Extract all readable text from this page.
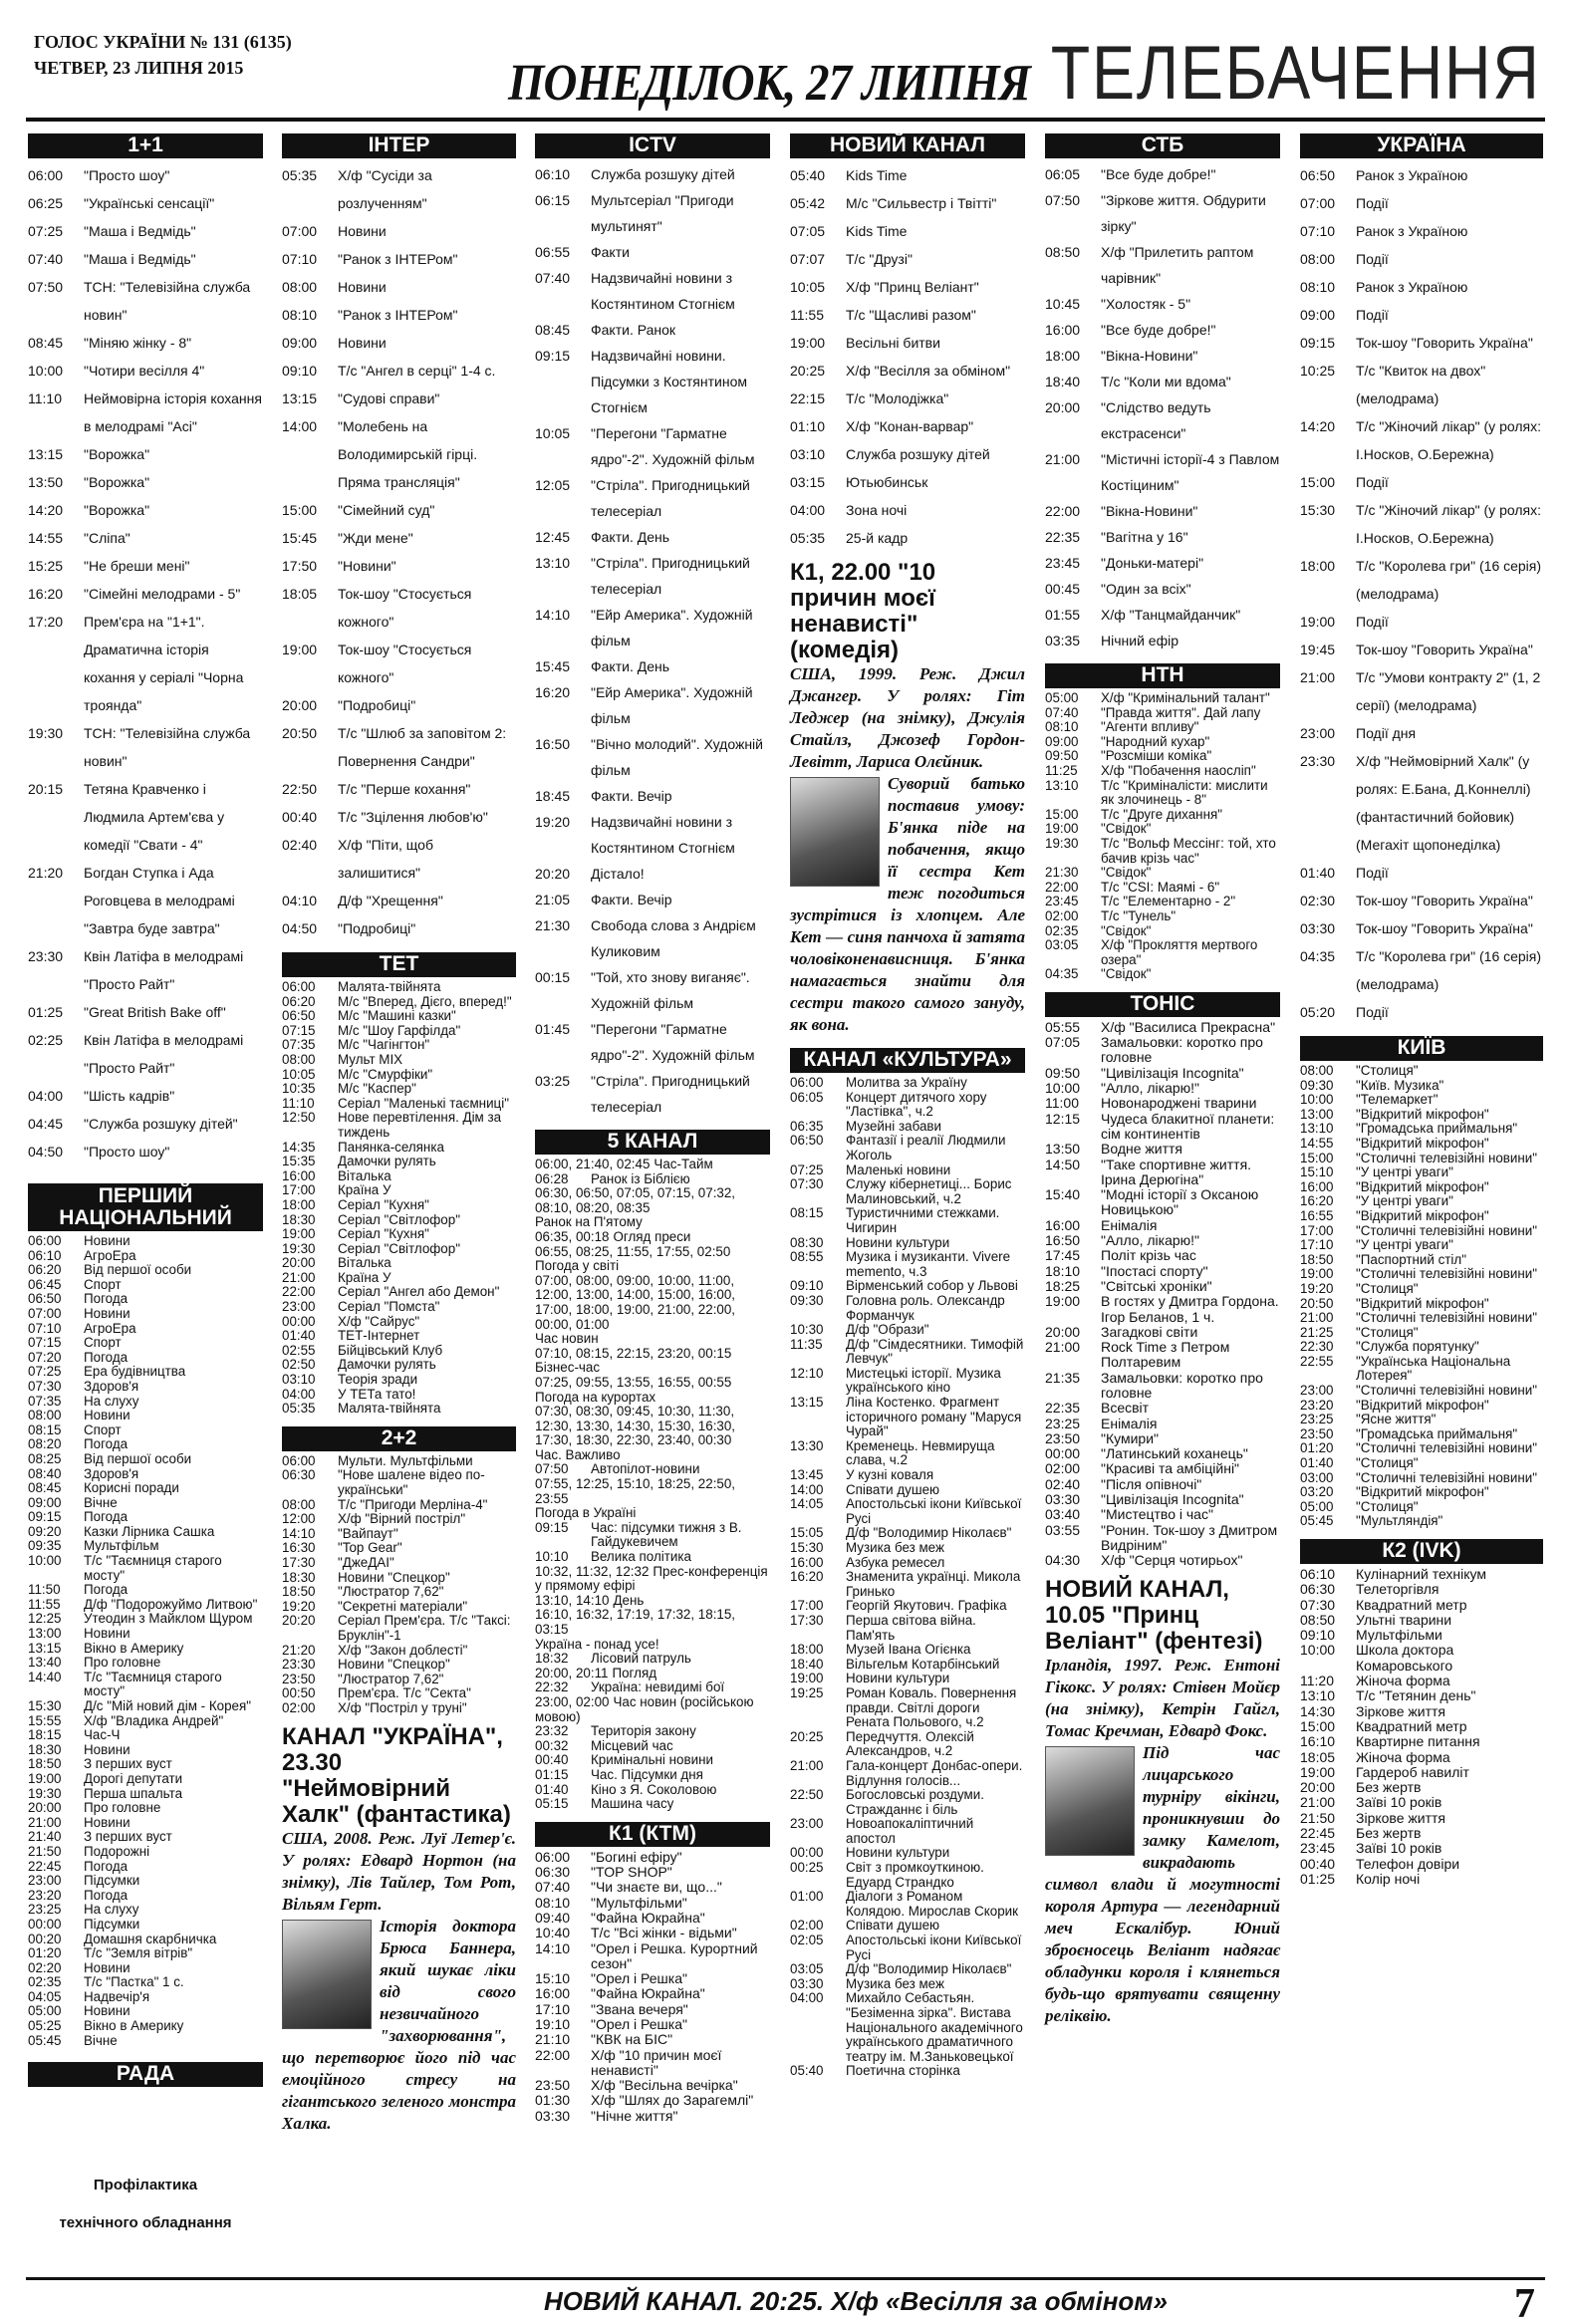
ГОЛОС УКРАЇНИ № 131 (6135)
ЧЕТВЕР, 23 ЛИПНЯ 2015	ПОНЕДІЛОК, 27 ЛИПНЯ ТЕЛЕБАЧЕННЯ
1+1
06:00 "Просто шоу"
06:25 "Українські сенсації"
07:25 "Маша і Ведмідь"
07:40 "Маша і Ведмідь"
07:50 ТСН: "Телевізійна служба новин"
08:45 "Міняю жінку - 8"
10:00 "Чотири весілля 4"
11:10 Неймовірна історія кохання в мелодрамі "Асі"
13:15 "Ворожка"
13:50 "Ворожка"
14:20 "Ворожка"
14:55 "Сліпа"
15:25 "Не бреши мені"
16:20 "Сімейні мелодрами - 5"
17:20 Прем'єра на "1+1". Драматична історія кохання у серіалі "Чорна троянда"
19:30 ТСН: "Телевізійна служба новин"
20:15 Тетяна Кравченко і Людмила Артем'єва у комедії "Свати - 4"
21:20 Богдан Ступка і Ада Роговцева в мелодрамі "Завтра буде завтра"
23:30 Квін Латіфа в мелодрамі "Просто Райт"
01:25 "Great British Bake off"
02:25 Квін Латіфа в мелодрамі "Просто Райт"
04:00 "Шість кадрів"
04:45 "Служба розшуку дітей"
04:50 "Просто шоу"
ПЕРШИЙ НАЦІОНАЛЬНИЙ
06:00 Новини
06:10 АгроЕра
06:20 Від першої особи
06:45 Спорт
06:50 Погода
07:00 Новини
07:10 АгроЕра
07:15 Спорт
07:20 Погода
07:25 Ера будівництва
07:30 Здоров'я
07:35 На слуху
08:00 Новини
08:15 Спорт
08:20 Погода
08:25 Від першої особи
08:40 Здоров'я
08:45 Корисні поради
09:00 Вічне
09:15 Погода
09:20 Казки Лірника Сашка
09:35 Мультфільм
10:00 Т/с "Таємниця старого мосту"
11:50 Погода
11:55 Д/ф "Подорожуймо Литвою"
12:25 Утеодин з Майклом Щуром
13:00 Новини
13:15 Вікно в Америку
13:40 Про головне
14:40 Т/с "Таємниця старого мосту"
15:30 Д/с "Мій новий дім - Корея"
15:55 Х/ф "Владика Андрей"
18:15 Час-Ч
18:30 Новини
18:50 З перших вуст
19:00 Дорогі депутати
19:30 Перша шпальта
20:00 Про головне
21:00 Новини
21:40 З перших вуст
21:50 Подорожні
22:45 Погода
23:00 Підсумки
23:20 Погода
23:25 На слуху
00:00 Підсумки
00:20 Домашня скарбничка
01:20 Т/с "Земля вітрів"
02:20 Новини
02:35 Т/с "Пастка" 1 с.
04:05 Надвечір'я
05:00 Новини
05:25 Вікно в Америку
05:45 Вічне
РАДА
Профілактика
технічного обладнання
ІНТЕР
05:35 Х/ф "Сусіди за розлученням"
07:00 Новини
07:10 "Ранок з ІНТЕРом"
08:00 Новини
08:10 "Ранок з ІНТЕРом"
09:00 Новини
09:10 Т/с "Ангел в серці" 1-4 с.
13:15 "Судові справи"
14:00 "Молебень на Володимирській гірці. Пряма трансляція"
15:00 "Сімейний суд"
15:45 "Жди мене"
17:50 "Новини"
18:05 Ток-шоу "Стосується кожного"
19:00 Ток-шоу "Стосується кожного"
20:00 "Подробиці"
20:50 Т/с "Шлюб за заповітом 2: Повернення Сандри"
22:50 Т/с "Перше кохання"
00:40 Т/с "Зцілення любов'ю"
02:40 Х/ф "Піти, щоб залишитися"
04:10 Д/ф "Хрещення"
04:50 "Подробиці"
ТЕТ
06:00 Малята-твійнята
06:20 М/с "Вперед, Дієго, вперед!"
06:50 М/с "Машині казки"
07:15 М/с "Шоу Гарфілда"
07:35 М/с "Чагінгтон"
08:00 Мульт MIX
10:05 М/с "Смурфіки"
10:35 М/с "Каспер"
11:10 Серіал "Маленькі таємниці"
12:50 Нове перевтілення. Дім за тиждень
14:35 Панянка-селянка
15:35 Дамочки рулять
16:00 Віталька
17:00 Країна У
18:00 Серіал "Кухня"
18:30 Серіал "Світлофор"
19:00 Серіал "Кухня"
19:30 Серіал "Світлофор"
20:00 Віталька
21:00 Країна У
22:00 Серіал "Ангел або Демон"
23:00 Серіал "Помста"
00:00 Х/ф "Сайрус"
01:40 ТЕТ-Інтернет
02:55 Бійцівський Клуб
02:50 Дамочки рулять
03:10 Теорія зради
04:00 У ТЕТа тато!
05:35 Малята-твійнята
2+2
06:00 Мульти. Мультфільми
06:30 "Нове шалене відео по-українськи"
08:00 Т/с "Пригоди Мерліна-4"
12:00 Х/ф "Вірний постріл"
14:10 "Вайпаут"
16:30 "Top Gear"
17:30 "ДжеДАІ"
18:30 Новини "Спецкор"
18:50 "Люстратор 7,62"
19:20 "Секретні матеріали"
20:20 Серіал Прем'єра. Т/с "Таксі: Бруклін"-1
21:20 Х/ф "Закон доблесті"
23:30 Новини "Спецкор"
23:50 "Люстратор 7,62"
00:50 Прем'єра. Т/с "Секта"
02:00 Х/ф "Постріл у труні"
КАНАЛ "УКРАЇНА", 23.30 "Неймовірний Халк" (фантастика)

США, 2008. Реж. Луї Летер'є. У ролях: Едвард Нортон (на знімку), Лів Тайлер, Том Рот, Вільям Герт.

Історія доктора Брюса Баннера, який шукає ліки від свого незвичайного "захворювання", що перетворює його під час емоційного стресу на гігантського зеленого монстра Халка.

ICTV
06:10 Служба розшуку дітей
06:15 Мультсеріал "Пригоди мультинят"
06:55 Факти
07:40 Надзвичайні новини з Костянтином Стогнієм
08:45 Факти. Ранок
09:15 Надзвичайні новини. Підсумки з Костянтином Стогнієм
10:05 "Перегони "Гарматне ядро"-2". Художній фільм
12:05 "Стріла". Пригодницький телесеріал
12:45 Факти. День
13:10 "Стріла". Пригодницький телесеріал
14:10 "Ейр Америка". Художній фільм
15:45 Факти. День
16:20 "Ейр Америка". Художній фільм
16:50 "Вічно молодий". Художній фільм
18:45 Факти. Вечір
19:20 Надзвичайні новини з Костянтином Стогнієм
20:20 Дістало!
21:05 Факти. Вечір
21:30 Свобода слова з Андрієм Куликовим
00:15 "Той, хто знову виганяє". Художній фільм
01:45 "Перегони "Гарматне ядро"-2". Художній фільм
03:25 "Стріла". Пригодницький телесеріал
5 КАНАЛ
06:00, 21:40, 02:45 Час-Тайм
06:28 Ранок із Біблією
06:30, 06:50, 07:05, 07:15, 07:32, 08:10, 08:20, 08:35Ранок на П'ятому
06:35, 00:18 Огляд преси
06:55, 08:25, 11:55, 17:55, 02:50Погода у світі
07:00, 08:00, 09:00, 10:00, 11:00, 12:00, 13:00, 14:00, 15:00, 16:00, 17:00, 18:00, 19:00, 21:00, 22:00, 00:00, 01:00Час новин
07:10, 08:15, 22:15, 23:20, 00:15Бізнес-час
07:25, 09:55, 13:55, 16:55, 00:55Погода на курортах
07:30, 08:30, 09:45, 10:30, 11:30, 12:30, 13:30, 14:30, 15:30, 16:30, 17:30, 18:30, 22:30, 23:40, 00:30Час. Важливо
07:50 Автопілот-новини
07:55, 12:25, 15:10, 18:25, 22:50, 23:55Погода в Україні
09:15 Час: підсумки тижня з В. Гайдукевичем
10:10 Велика політика
10:32, 11:32, 12:32 Прес-конференція у прямому ефірі
13:10, 14:10 День
16:10, 16:32, 17:19, 17:32, 18:15, 03:15Україна - понад усе!
18:32 Лісовий патруль
20:00, 20:11 Погляд
22:32 Україна: невидимі бої
23:00, 02:00 Час новин (російською мовою)
23:32 Територія закону
00:32 Місцевий час
00:40 Кримінальні новини
01:15 Час. Підсумки дня
01:40 Кіно з Я. Соколовою
05:15 Машина часу
К1 (КТМ)
06:00 "Богині ефіру"
06:30 "TOP SHOP"
07:40 "Чи знаєте ви, що..."
08:10 "Мультфільми"
09:40 "Файна Юкрайна"
10:40 Т/с "Всі жінки - відьми"
14:10 "Орел і Решка. Курортний сезон"
15:10 "Орел і Решка"
16:00 "Файна Юкрайна"
17:10 "Звана вечеря"
19:10 "Орел і Решка"
21:10 "КВК на БІС"
22:00 Х/ф "10 причин моєї ненависті"
23:50 Х/ф "Весільна вечірка"
01:30 Х/ф "Шлях до Зарагемлі"
03:30 "Нічне життя"
НОВИЙ КАНАЛ
05:40 Kids Time
05:42 М/с "Сильвестр і Твітті"
07:05 Kids Time
07:07 Т/с "Друзі"
10:05 Х/ф "Принц Веліант"
11:55 Т/с "Щасливі разом"
19:00 Весільні битви
20:25 Х/ф "Весілля за обміном"
22:15 Т/с "Молодіжка"
01:10 Х/ф "Конан-варвар"
03:10 Служба розшуку дітей
03:15 Ютьюбинськ
04:00 Зона ночі
05:35 25-й кадр
К1, 22.00 "10 причин моєї ненависті" (комедія)

США, 1999. Реж. Джил Джангер. У ролях: Гіт Леджер (на знімку), Джулія Стайлз, Джозеф Гордон-Левітт, Лариса Олєйник.

Суворий батько поставив умову: Б'янка піде на побачення, якщо її сестра Кет теж погодиться зустрітися із хлопцем. Але Кет — синя панчоха й затята чоловіконенависниця. Б'янка намагається знайти для сестри такого самого зануду, як вона.

КАНАЛ «КУЛЬТУРА»
06:00 Молитва за Україну
06:05 Концерт дитячого хору "Ластівка", ч.2
06:35 Музейні забави
06:50 Фантазії і реалії Людмили Жоголь
07:25 Маленькі новини
07:30 Служу кібернетиці... Борис Малиновський, ч.2
08:15 Туристичними стежками. Чигирин
08:30 Новини культури
08:55 Музика і музиканти. Vivere memento, ч.3
09:10 Вірменський собор у Львові
09:30 Головна роль. Олександр Форманчук
10:30 Д/ф "Образи"
11:35 Д/ф "Сімдесятники. Тимофій Левчук"
12:10 Мистецькі історії. Музика українського кіно
13:15 Ліна Костенко. Фрагмент історичного роману "Маруся Чурай"
13:30 Кременець. Невмируща слава, ч.2
13:45 У кузні коваля
14:00 Співати душею
14:05 Апостольські ікони Київської Русі
15:05 Д/ф "Володимир Ніколаєв"
15:30 Музика без меж
16:00 Азбука ремесел
16:20 Знаменита українці. Микола Гринько
17:00 Георгій Якутович. Графіка
17:30 Перша світова війна. Пам'ять
18:00 Музей Івана Огієнка
18:40 Вільгельм Котарбінський
19:00 Новини культури
19:25 Роман Коваль. Повернення правди. Світлі дороги Рената Польового, ч.2
20:25 Передчуття. Олексій Александров, ч.2
21:00 Гала-концерт Донбас-опери. Відлуння голосів...
22:50 Богословські роздуми. Стражданнє і біль
23:00 Новоапокаліптичний апостол
00:00 Новини культури
00:25 Світ з промкоуткиною. Едуард Страндко
01:00 Діалоги з Романом Колядою. Мирослав Скорик
02:00 Співати душею
02:05 Апостольські ікони Київської Русі
03:05 Д/ф "Володимир Ніколаєв"
03:30 Музика без меж
04:00 Михайло Себастьян. "Безіменна зірка". Вистава Національного академічного українського драматичного театру ім. М.Заньковецької
05:40 Поетична сторінка
СТБ
06:05 "Все буде добре!"
07:50 "Зіркове життя. Обдурити зірку"
08:50 Х/ф "Прилетить раптом чарівник"
10:45 "Холостяк - 5"
16:00 "Все буде добре!"
18:00 "Вікна-Новини"
18:40 Т/с "Коли ми вдома"
20:00 "Слідство ведуть екстрасенси"
21:00 "Містичні історії-4 з Павлом Костіциним"
22:00 "Вікна-Новини"
22:35 "Вагітна у 16"
23:45 "Доньки-матері"
00:45 "Один за всіх"
01:55 Х/ф "Танцмайданчик"
03:35 Нічний ефір
НТН
05:00 Х/ф "Кримінальний талант"
07:40 "Правда життя". Дай лапу
08:10 "Агенти впливу"
09:00 "Народний кухар"
09:50 "Розсміши коміка"
11:25 Х/ф "Побачення наосліп"
13:10 Т/с "Криміналісти: мислити як злочинець - 8"
15:00 Т/с "Друге дихання"
19:00 "Свідок"
19:30 Т/с "Вольф Мессінг: той, хто бачив крізь час"
21:30 "Свідок"
22:00 Т/с "CSI: Маямі - 6"
23:45 Т/с "Елементарно - 2"
02:00 Т/с "Тунель"
02:35 "Свідок"
03:05 Х/ф "Прокляття мертвого озера"
04:35 "Свідок"
ТОНІС
05:55 Х/ф "Василиса Прекрасна"
07:05 Замальовки: коротко про головне
09:50 "Цивілізація Incognita"
10:00 "Алло, лікарю!"
11:00 Новонароджені тварини
12:15 Чудеса блакитної планети: сім континентів
13:50 Водне життя
14:50 "Таке спортивне життя. Ірина Дерюгіна"
15:40 "Модні історії з Оксаною Новицькою"
16:00 Енімалія
16:50 "Алло, лікарю!"
17:45 Політ крізь час
18:10 "Іпостасі спорту"
18:25 "Світські хроніки"
19:00 В гостях у Дмитра Гордона. Ігор Беланов, 1 ч.
20:00 Загадкові світи
21:00 Rock Time з Петром Полтаревим
21:35 Замальовки: коротко про головне
22:35 Всесвіт
23:25 Енімалія
23:50 "Кумири"
00:00 "Латинський коханець"
02:00 "Красиві та амбіційні"
02:40 "Після опівночі"
03:30 "Цивілізація Incognita"
03:40 "Мистецтво і час"
03:55 "Ронин. Ток-шоу з Дмитром Видріним"
04:30 Х/ф "Серця чотирьох"
НОВИЙ КАНАЛ, 10.05 "Принц Веліант" (фентезі)

Ірландія, 1997. Реж. Ентоні Гікокс. У ролях: Стівен Мойєр (на знімку), Кетрін Гайгл, Томас Кречман, Едвард Фокс.

Під час лицарського турніру вікінги, проникнувши до замку Камелот, викрадають символ влади й могутності короля Артура — легендарний меч Ескалібур. Юний зброєносець Веліант надягає обладунки короля і клянеться будь-що врятувати священну реліквію.

УКРАЇНА
06:50 Ранок з Україною
07:00 Події
07:10 Ранок з Україною
08:00 Події
08:10 Ранок з Україною
09:00 Події
09:15 Ток-шоу "Говорить Україна"
10:25 Т/с "Квиток на двох" (мелодрама)
14:20 Т/с "Жіночий лікар" (у ролях: І.Носков, О.Бережна)
15:00 Події
15:30 Т/с "Жіночий лікар" (у ролях: І.Носков, О.Бережна)
18:00 Т/с "Королева гри" (16 серія) (мелодрама)
19:00 Події
19:45 Ток-шоу "Говорить Україна"
21:00 Т/с "Умови контракту 2" (1, 2 серії) (мелодрама)
23:00 Події дня
23:30 Х/ф "Неймовірний Халк" (у ролях: Е.Бана, Д.Коннеллі) (фантастичний бойовик) (Мегахіт щопонеділка)
01:40 Події
02:30 Ток-шоу "Говорить Україна"
03:30 Ток-шоу "Говорить Україна"
04:35 Т/с "Королева гри" (16 серія) (мелодрама)
05:20 Події
КИЇВ
08:00 "Столиця"
09:30 "Київ. Музика"
10:00 "Телемаркет"
13:00 "Відкритий мікрофон"
13:10 "Громадська приймальня"
14:55 "Відкритий мікрофон"
15:00 "Столичні телевізійні новини"
15:10 "У центрі уваги"
16:00 "Відкритий мікрофон"
16:20 "У центрі уваги"
16:55 "Відкритий мікрофон"
17:00 "Столичні телевізійні новини"
17:10 "У центрі уваги"
18:50 "Паспортний стіл"
19:00 "Столичні телевізійні новини"
19:20 "Столиця"
20:50 "Відкритий мікрофон"
21:00 "Столичні телевізійні новини"
21:25 "Столиця"
22:30 "Служба порятунку"
22:55 "Українська Національна Лотерея"
23:00 "Столичні телевізійні новини"
23:20 "Відкритий мікрофон"
23:25 "Ясне життя"
23:50 "Громадська приймальня"
01:20 "Столичні телевізійні новини"
01:40 "Столиця"
03:00 "Столичні телевізійні новини"
03:20 "Відкритий мікрофон"
05:00 "Столиця"
05:45 "Мультляндія"
К2 (IVK)
06:10 Кулінарний технікум
06:30 Телеторгівля
07:30 Квадратний метр
08:50 Ультні тварини
09:10 Мультфільми
10:00 Школа доктора Комаровського
11:20 Жіноча форма
13:10 Т/с "Тетянин день"
14:30 Зіркове життя
15:00 Квадратний метр
16:10 Квартирне питання
18:05 Жіноча форма
19:00 Гардероб навиліт
20:00 Без жертв
21:00 Заїві 10 років
21:50 Зіркове життя
22:45 Без жертв
23:45 Заїві 10 років
00:40 Телефон довіри
01:25 Колір ночі
НОВИЙ КАНАЛ. 20:25. Х/ф «Весілля за обміном»	7
